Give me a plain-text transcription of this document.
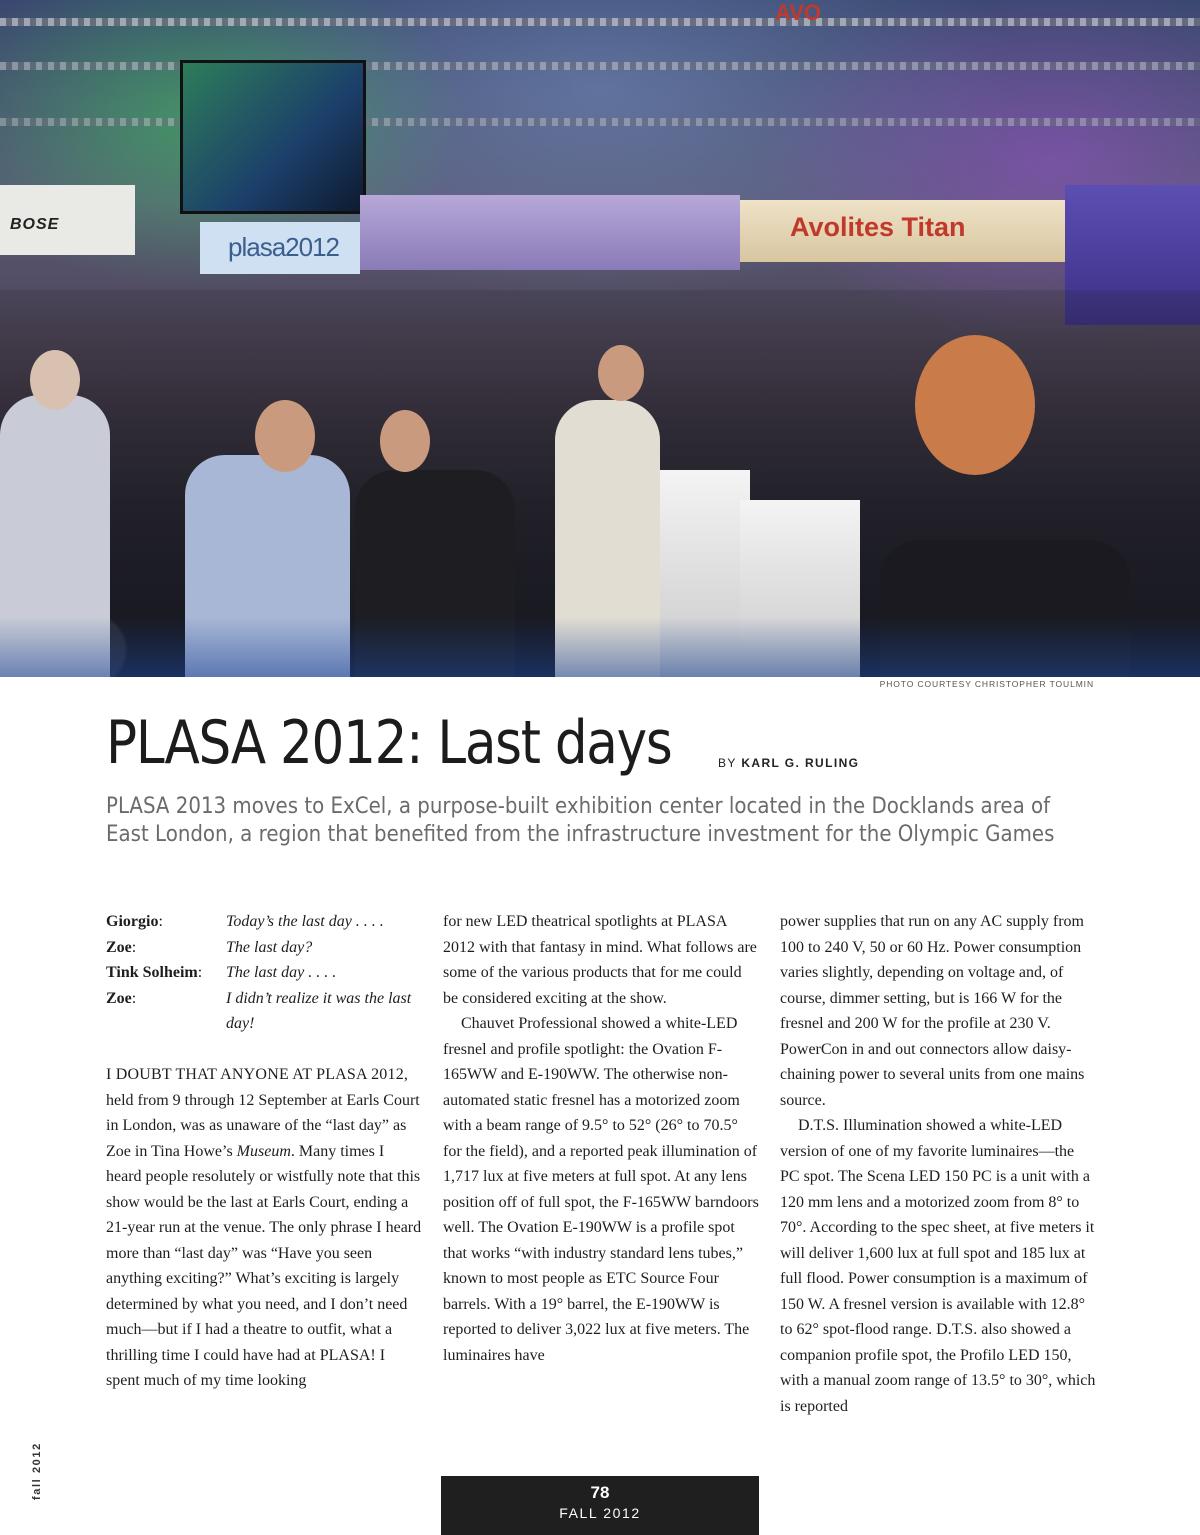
BOSE
plasa2012
Avolites Titan
AVO
PHOTO COURTESY CHRISTOPHER TOULMIN
PLASA 2012: Last days	BY KARL G. RULING
PLASA 2013 moves to ExCel, a purpose-built exhibition center located in the Docklands area of East London, a region that benefited from the infrastructure investment for the Olympic Games
Giorgio:	Today’s the last day . . . .
Zoe:	The last day?
Tink Solheim:	The last day . . . .
Zoe:	I didn’t realize it was the last day!

I DOUBT THAT ANYONE AT PLASA 2012, held from 9 through 12 September at Earls Court in London, was as unaware of the “last day” as Zoe in Tina Howe’s Museum. Many times I heard people resolutely or wistfully note that this show would be the last at Earls Court, ending a 21-year run at the venue. The only phrase I heard more than “last day” was “Have you seen anything exciting?” What’s exciting is largely determined by what you need, and I don’t need much—but if I had a theatre to outfit, what a thrilling time I could have had at PLASA! I spent much of my time looking

for new LED theatrical spotlights at PLASA 2012 with that fantasy in mind. What follows are some of the various products that for me could be considered exciting at the show.

Chauvet Professional showed a white-LED fresnel and profile spotlight: the Ovation F-165WW and E-190WW. The otherwise non-automated static fresnel has a motorized zoom with a beam range of 9.5° to 52° (26° to 70.5° for the field), and a reported peak illumination of 1,717 lux at five meters at full spot. At any lens position off of full spot, the F-165WW barndoors well. The Ovation E-190WW is a profile spot that works “with industry standard lens tubes,” known to most people as ETC Source Four barrels. With a 19° barrel, the E-190WW is reported to deliver 3,022 lux at five meters. The luminaires have

power supplies that run on any AC supply from 100 to 240 V, 50 or 60 Hz. Power consumption varies slightly, depending on voltage and, of course, dimmer setting, but is 166 W for the fresnel and 200 W for the profile at 230 V. PowerCon in and out connectors allow daisy-chaining power to several units from one mains source.

D.T.S. Illumination showed a white-LED version of one of my favorite luminaires—the PC spot. The Scena LED 150 PC is a unit with a 120 mm lens and a motorized zoom from 8° to 70°. According to the spec sheet, at five meters it will deliver 1,600 lux at full spot and 185 lux at full flood. Power consumption is a maximum of 150 W. A fresnel version is available with 12.8° to 62° spot-flood range. D.T.S. also showed a companion profile spot, the Profilo LED 150, with a manual zoom range of 13.5° to 30°, which is reported

fall 2012	78
FALL 2012
